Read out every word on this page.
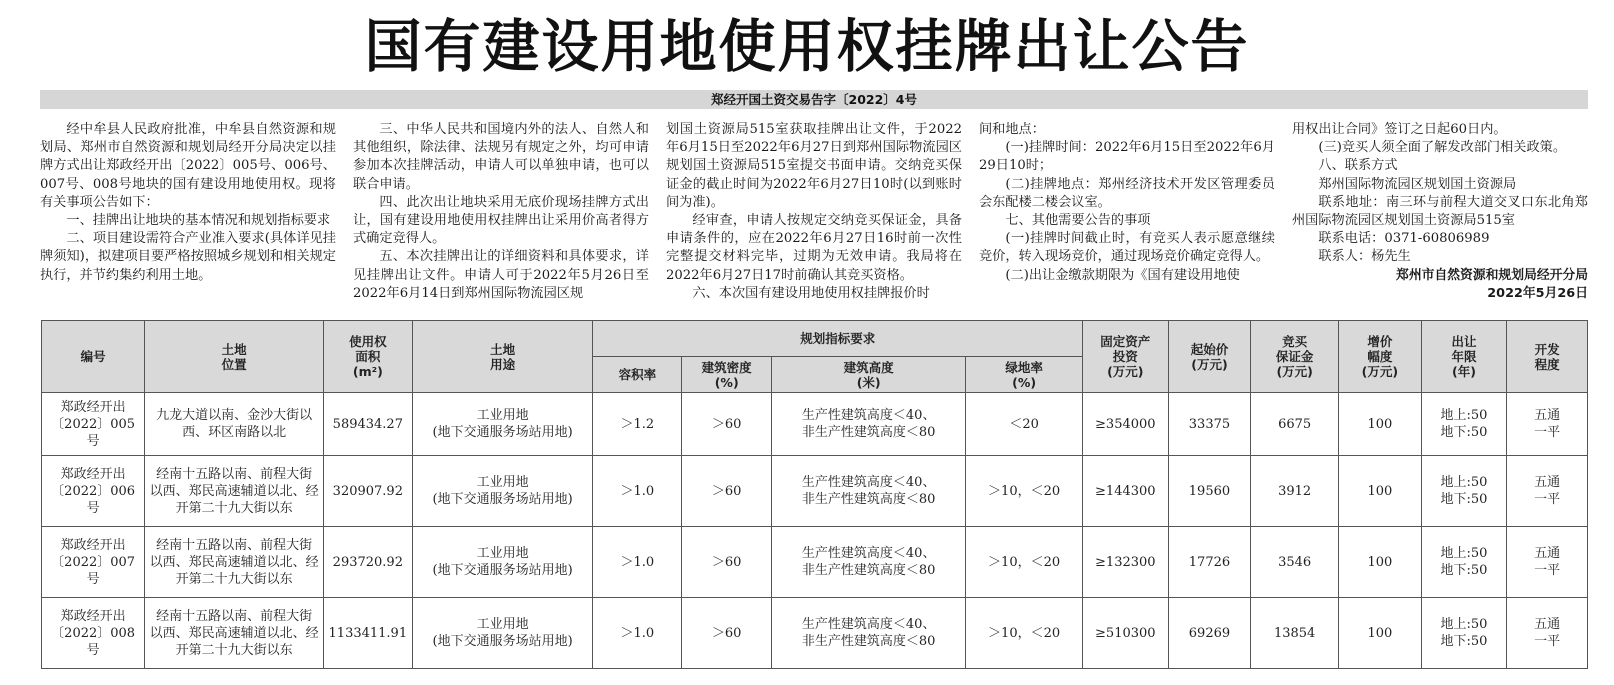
国有建设用地使用权挂牌出让公告
郑经开国土资交易告字〔2022〕4号

经中牟县人民政府批准，中牟县自然资源和规划局、郑州市自然资源和规划局经开分局决定以挂牌方式出让郑政经开出〔2022〕005号、006号、007号、008号地块的国有建设用地使用权。现将有关事项公告如下：

一、挂牌出让地块的基本情况和规划指标要求

二、项目建设需符合产业准入要求(具体详见挂牌须知)，拟建项目要严格按照城乡规划和相关规定执行，并节约集约利用土地。

三、中华人民共和国境内外的法人、自然人和其他组织，除法律、法规另有规定之外，均可申请参加本次挂牌活动，申请人可以单独申请，也可以联合申请。

四、此次出让地块采用无底价现场挂牌方式出让，国有建设用地使用权挂牌出让采用价高者得方式确定竞得人。

五、本次挂牌出让的详细资料和具体要求，详见挂牌出让文件。申请人可于2022年5月26日至2022年6月14日到郑州国际物流园区规

划国土资源局515室获取挂牌出让文件，于2022年6月15日至2022年6月27日到郑州国际物流园区规划国土资源局515室提交书面申请。交纳竞买保证金的截止时间为2022年6月27日10时(以到账时间为准)。

经审查，申请人按规定交纳竞买保证金，具备申请条件的，应在2022年6月27日16时前一次性完整提交材料完毕，过期为无效申请。我局将在2022年6月27日17时前确认其竞买资格。

六、本次国有建设用地使用权挂牌报价时

间和地点：

(一)挂牌时间：2022年6月15日至2022年6月29日10时；

(二)挂牌地点：郑州经济技术开发区管理委员会东配楼二楼会议室。

七、其他需要公告的事项

(一)挂牌时间截止时，有竞买人表示愿意继续竞价，转入现场竞价，通过现场竞价确定竞得人。

(二)出让金缴款期限为《国有建设用地使

用权出让合同》签订之日起60日内。

(三)竞买人须全面了解发改部门相关政策。

八、联系方式

郑州国际物流园区规划国土资源局

联系地址：南三环与前程大道交叉口东北角郑州国际物流园区规划国土资源局515室

联系电话：0371-60806989

联系人：杨先生

郑州市自然资源和规划局经开分局
2022年5月26日
编号	土地
位置	使用权
面积
(m²)	土地
用途	规划指标要求				固定资产
投资
(万元)	起始价
(万元)	竞买
保证金
(万元)	增价
幅度
(万元)	出让
年限
(年)	开发
程度

				容积率	建筑密度
(%)	建筑高度
(米)	绿地率
(%)						

郑政经开出
〔2022〕005号	九龙大道以南、金沙大街以
西、环区南路以北	589434.27	工业用地
(地下交通服务场站用地)	＞1.2	＞60	生产性建筑高度＜40、
非生产性建筑高度＜80	＜20	≥354000	33375	6675	100	地上:50
地下:50	五通
一平

郑政经开出
〔2022〕006号	经南十五路以南、前程大街
以西、郑民高速辅道以北、经
开第二十九大街以东	320907.92	工业用地
(地下交通服务场站用地)	＞1.0	＞60	生产性建筑高度＜40、
非生产性建筑高度＜80	＞10，＜20	≥144300	19560	3912	100	地上:50
地下:50	五通
一平

郑政经开出
〔2022〕007号	经南十五路以南、前程大街
以西、郑民高速辅道以北、经
开第二十九大街以东	293720.92	工业用地
(地下交通服务场站用地)	＞1.0	＞60	生产性建筑高度＜40、
非生产性建筑高度＜80	＞10，＜20	≥132300	17726	3546	100	地上:50
地下:50	五通
一平

郑政经开出
〔2022〕008号	经南十五路以南、前程大街
以西、郑民高速辅道以北、经
开第二十九大街以东	1133411.91	工业用地
(地下交通服务场站用地)	＞1.0	＞60	生产性建筑高度＜40、
非生产性建筑高度＜80	＞10，＜20	≥510300	69269	13854	100	地上:50
地下:50	五通
一平
